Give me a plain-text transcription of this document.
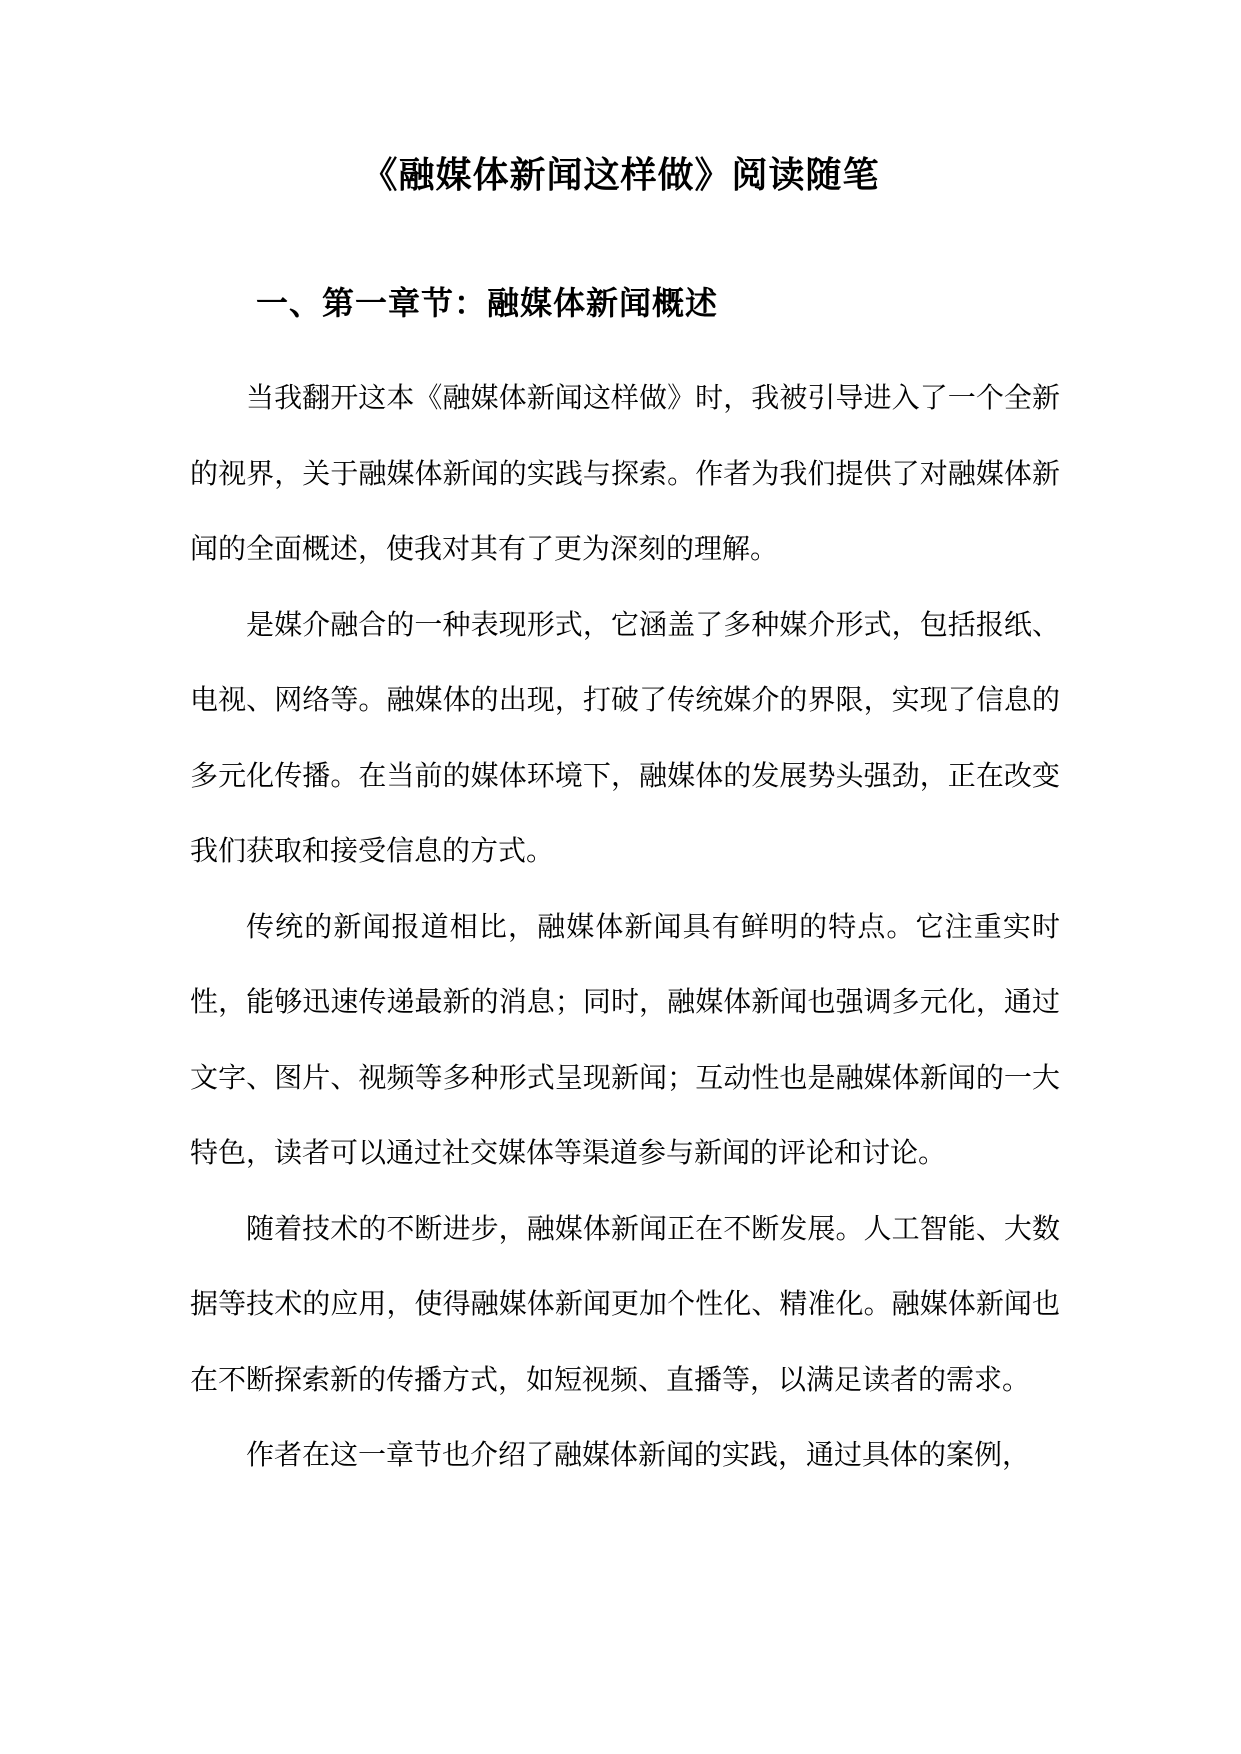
《融媒体新闻这样做》阅读随笔
一、第一章节：融媒体新闻概述

当我翻开这本《融媒体新闻这样做》时，我被引导进入了一个全新的视界，关于融媒体新闻的实践与探索。作者为我们提供了对融媒体新闻的全面概述，使我对其有了更为深刻的理解。

是媒介融合的一种表现形式，它涵盖了多种媒介形式，包括报纸、电视、网络等。融媒体的出现，打破了传统媒介的界限，实现了信息的多元化传播。在当前的媒体环境下，融媒体的发展势头强劲，正在改变我们获取和接受信息的方式。

传统的新闻报道相比，融媒体新闻具有鲜明的特点。它注重实时性，能够迅速传递最新的消息；同时，融媒体新闻也强调多元化，通过文字、图片、视频等多种形式呈现新闻；互动性也是融媒体新闻的一大特色，读者可以通过社交媒体等渠道参与新闻的评论和讨论。

随着技术的不断进步，融媒体新闻正在不断发展。人工智能、大数据等技术的应用，使得融媒体新闻更加个性化、精准化。融媒体新闻也在不断探索新的传播方式，如短视频、直播等，以满足读者的需求。

作者在这一章节也介绍了融媒体新闻的实践，通过具体的案例，
